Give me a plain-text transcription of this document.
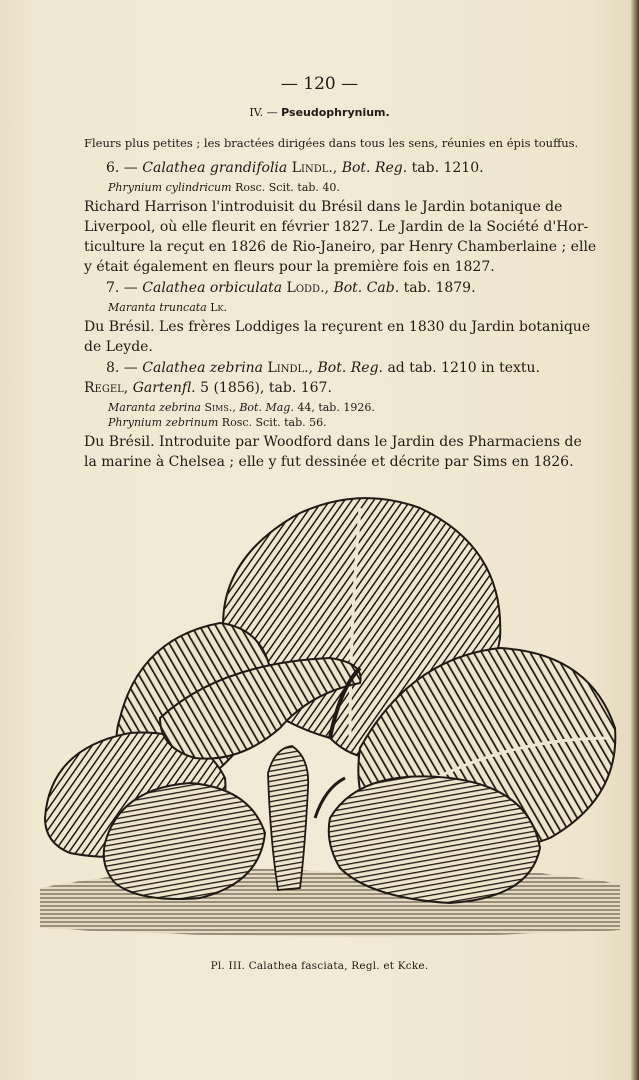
— 120 —
IV. — Pseudophrynium.
Fleurs plus petites ; les bractées dirigées dans tous les sens, réunies en épis touffus.
6. — Calathea grandifolia Lindl., Bot. Reg. tab. 1210.
Phrynium cylindricum Rosc. Scit. tab. 40.
Richard Harrison l'introduisit du Brésil dans le Jardin botanique de
Liverpool, où elle fleurit en février 1827. Le Jardin de la Société d'Hor-
ticulture la reçut en 1826 de Rio-Janeiro, par Henry Chamberlaine ; elle
y était également en fleurs pour la première fois en 1827.
7. — Calathea orbiculata Lodd., Bot. Cab. tab. 1879.
Maranta truncata Lk.
Du Brésil. Les frères Loddiges la reçurent en 1830 du Jardin botanique
de Leyde.
8. — Calathea zebrina Lindl., Bot. Reg. ad tab. 1210 in textu.
Regel, Gartenfl. 5 (1856), tab. 167.
Maranta zebrina Sims., Bot. Mag. 44, tab. 1926.
Phrynium zebrinum Rosc. Scit. tab. 56.
Du Brésil. Introduite par Woodford dans le Jardin des Pharmaciens de
la marine à Chelsea ; elle y fut dessinée et décrite par Sims en 1826.
Pl. III. Calathea fasciata, Regl. et Kcke.
